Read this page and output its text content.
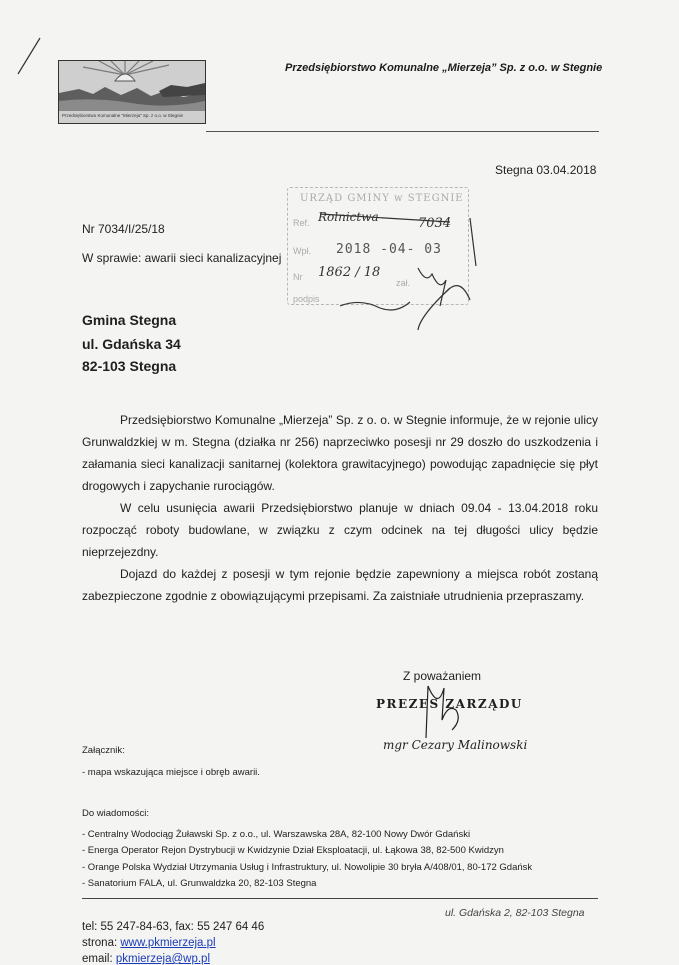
Przedsiębiorstwo Komunalne "Mierzeja" Sp. z o.o. w Stegnie
Przedsiębiorstwo Komunalne „Mierzeja” Sp. z o.o. w Stegnie
Stegna 03.04.2018
Nr 7034/I/25/18
W sprawie: awarii sieci kanalizacyjnej
URZĄD GMINY w STEGNIE
Ref. Rolnictwa	7034
Wpł. 2018 -04- 03
Nr 1862 / 18
zał.
podpis
Gmina Stegna
ul. Gdańska 34
82-103 Stegna

Przedsiębiorstwo Komunalne „Mierzeja” Sp. z o. o. w Stegnie informuje, że w rejonie ulicy Grunwaldzkiej w m. Stegna (działka nr 256) naprzeciwko posesji nr 29 doszło do uszkodzenia i załamania sieci kanalizacji sanitarnej (kolektora grawitacyjnego) powodując zapadnięcie się płyt drogowych i zapychanie rurociągów.

W celu usunięcia awarii Przedsiębiorstwo planuje w dniach 09.04 - 13.04.2018 roku rozpocząć roboty budowlane, w związku z czym odcinek na tej długości ulicy będzie nieprzejezdny.

Dojazd do każdej z posesji w tym rejonie będzie zapewniony a miejsca robót zostaną zabezpieczone zgodnie z obowiązującymi przepisami. Za zaistniałe utrudnienia przepraszamy.

Z poważaniem
PREZES ZARZĄDU
mgr Cezary Malinowski
Załącznik:
- mapa wskazująca miejsce i obręb awarii.
Do wiadomości:
- Centralny Wodociąg Żuławski Sp. z o.o., ul. Warszawska 28A, 82-100 Nowy Dwór Gdański
- Energa Operator Rejon Dystrybucji w Kwidzynie Dział Eksploatacji, ul. Łąkowa 38, 82-500 Kwidzyn
- Orange Polska Wydział Utrzymania Usług i Infrastruktury, ul. Nowolipie 30 bryła A/408/01, 80-172 Gdańsk
- Sanatorium FALA, ul. Grunwaldzka 20, 82-103 Stegna
ul. Gdańska 2, 82-103 Stegna
tel: 55 247-84-63, fax: 55 247 64 46
strona: www.pkmierzeja.pl
email: pkmierzeja@wp.pl
